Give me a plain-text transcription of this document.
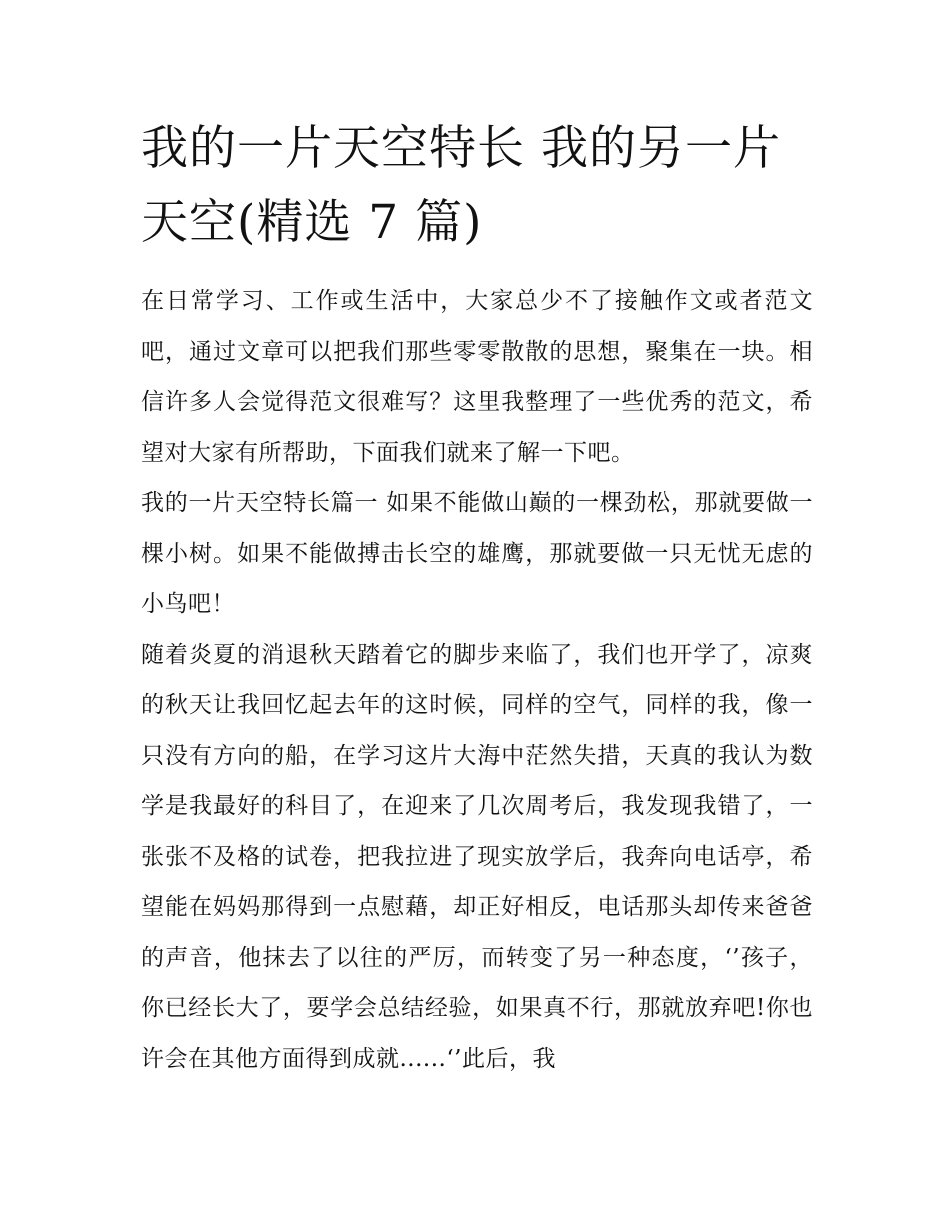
我的一片天空特长 我的另一片天空(精选 7 篇)

在日常学习、工作或生活中，大家总少不了接触作文或者范文吧，通过文章可以把我们那些零零散散的思想，聚集在一块。相信许多人会觉得范文很难写？这里我整理了一些优秀的范文，希望对大家有所帮助，下面我们就来了解一下吧。

我的一片天空特长篇一 如果不能做山巅的一棵劲松，那就要做一棵小树。如果不能做搏击长空的雄鹰，那就要做一只无忧无虑的小鸟吧！

随着炎夏的消退秋天踏着它的脚步来临了，我们也开学了，凉爽的秋天让我回忆起去年的这时候，同样的空气，同样的我，像一只没有方向的船，在学习这片大海中茫然失措，天真的我认为数学是我最好的科目了，在迎来了几次周考后，我发现我错了，一张张不及格的试卷，把我拉进了现实放学后，我奔向电话亭，希望能在妈妈那得到一点慰藉，却正好相反，电话那头却传来爸爸的声音，他抹去了以往的严厉，而转变了另一种态度，‘’孩子，你已经长大了，要学会总结经验，如果真不行，那就放弃吧!你也许会在其他方面得到成就......‘’此后，我
